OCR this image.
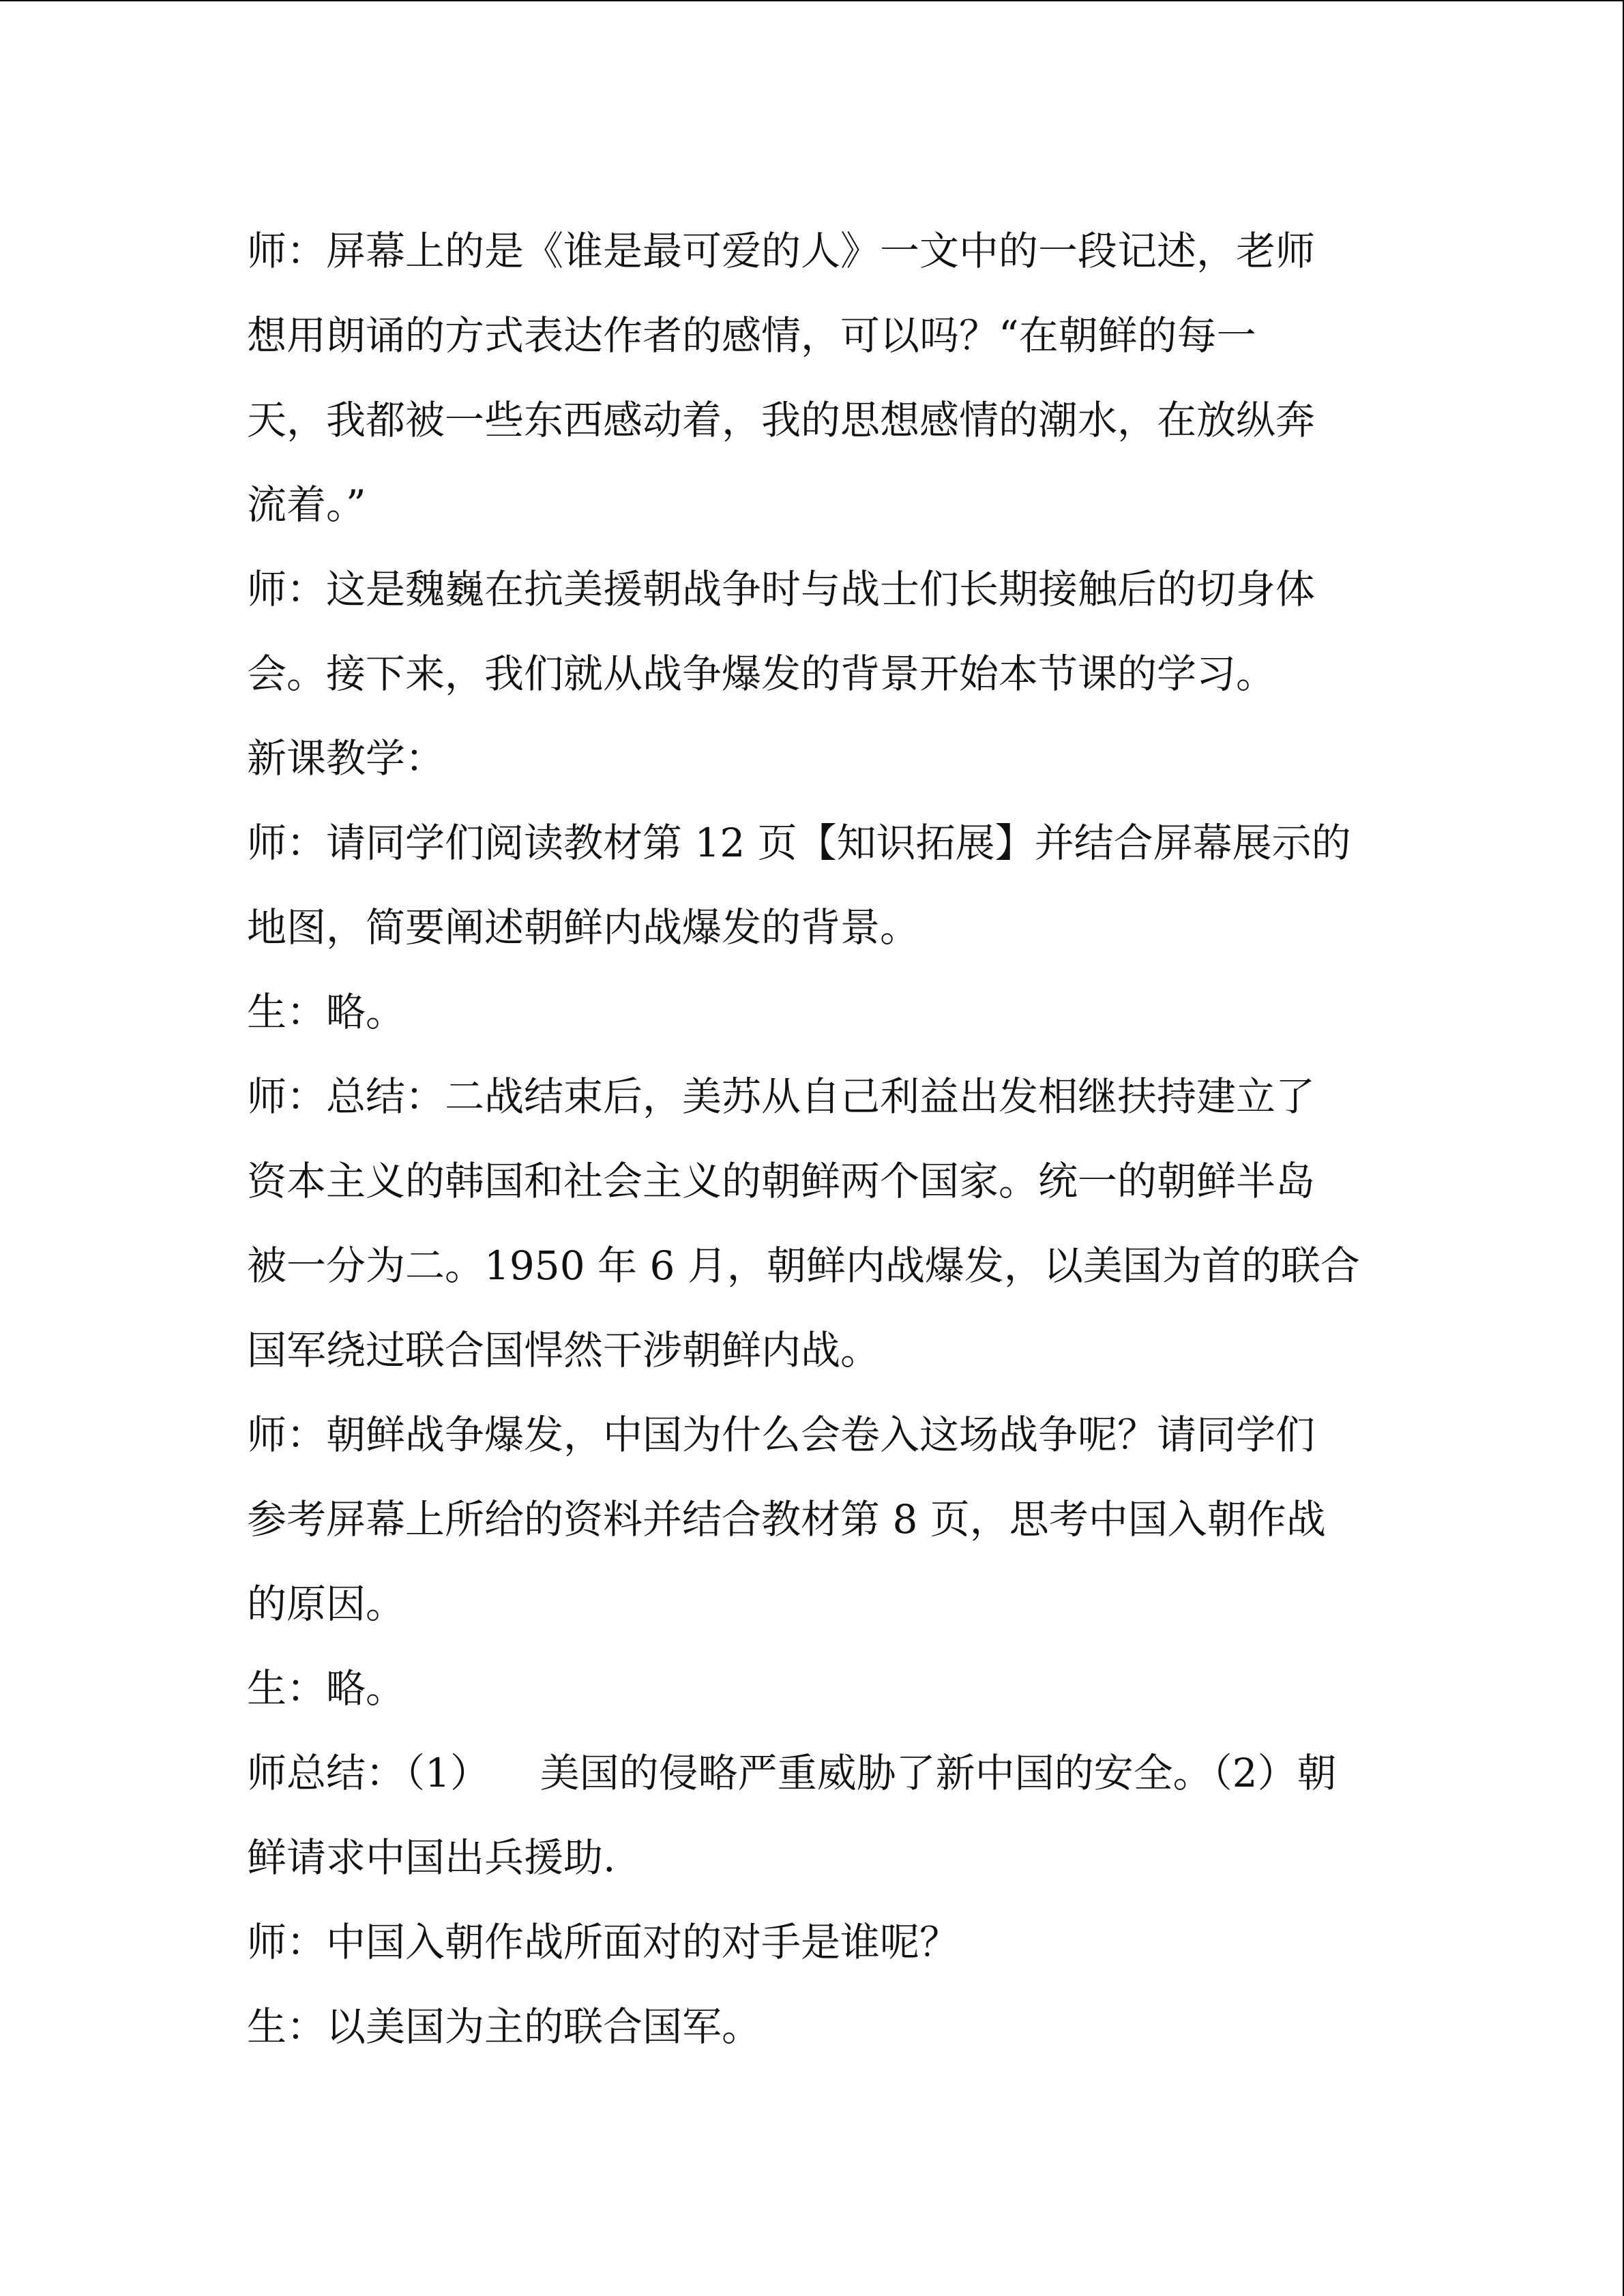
师：屏幕上的是《谁是最可爱的人》一文中的一段记述，老师
想用朗诵的方式表达作者的感情，可以吗？“在朝鲜的每一
天，我都被一些东西感动着，我的思想感情的潮水，在放纵奔
流着。”
师：这是魏巍在抗美援朝战争时与战士们长期接触后的切身体
会。接下来，我们就从战争爆发的背景开始本节课的学习。
新课教学：
师：请同学们阅读教材第 12 页【知识拓展】并结合屏幕展示的
地图，简要阐述朝鲜内战爆发的背景。
生：略。
师：总结：二战结束后，美苏从自己利益出发相继扶持建立了
资本主义的韩国和社会主义的朝鲜两个国家。统一的朝鲜半岛
被一分为二。1950 年 6 月，朝鲜内战爆发，以美国为首的联合
国军绕过联合国悍然干涉朝鲜内战。
师：朝鲜战争爆发，中国为什么会卷入这场战争呢？请同学们
参考屏幕上所给的资料并结合教材第 8 页，思考中国入朝作战
的原因。
生：略。
师总结：（1）    美国的侵略严重威胁了新中国的安全。（2）朝
鲜请求中国出兵援助.
师：中国入朝作战所面对的对手是谁呢？
生：以美国为主的联合国军。
